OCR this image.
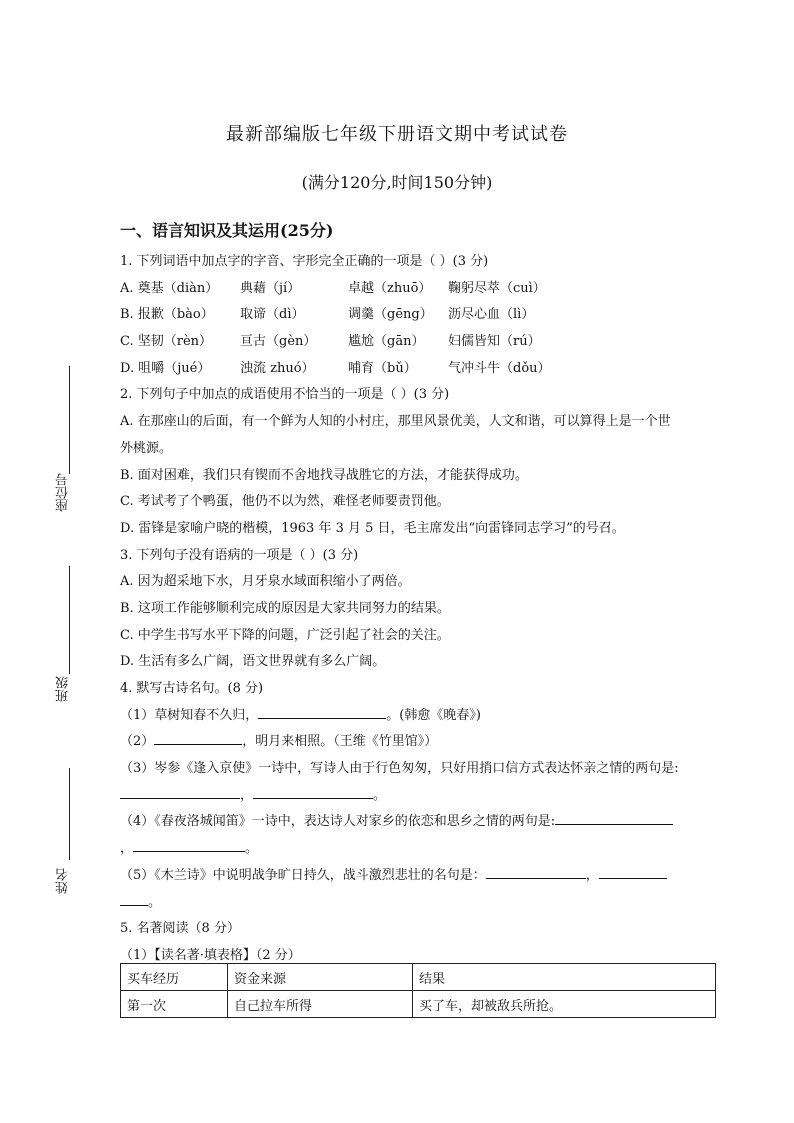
座位号
班级
姓名
最新部编版七年级下册语文期中考试试卷
(满分120分,时间150分钟)
一、语言知识及其运用(25分)
1. 下列词语中加点字的字音、字形完全正确的一项是（ ）(3 分)
A. 奠基（diàn） 典藉（jí）	卓越（zhuō） 鞠躬尽萃（cuì）
B. 报歉（bào） 取谛（dì）	调羹（gēng） 沥尽心血（lì）
C. 坚韧（rèn） 亘古（gèn） 尴尬（gān） 妇儒皆知（rú）
D. 咀嚼（jué） 浊流 zhuó）	哺育（bǔ） 气冲斗牛（dǒu）
2. 下列句子中加点的成语使用不恰当的一项是（ ）(3 分)
A. 在那座山的后面，有一个鲜为人知的小村庄，那里风景优美，人文和谐，可以算得上是一个世
外桃源。
B. 面对困难，我们只有锲而不舍地找寻战胜它的方法，才能获得成功。
C. 考试考了个鸭蛋，他仍不以为然，难怪老师要责罚他。
D. 雷锋是家喻户晓的楷模，1963 年 3 月 5 日，毛主席发出“向雷锋同志学习”的号召。
3. 下列句子没有语病的一项是（ ）(3 分)
A. 因为超采地下水，月牙泉水域面积缩小了两倍。
B. 这项工作能够顺利完成的原因是大家共同努力的结果。
C. 中学生书写水平下降的问题，广泛引起了社会的关注。
D. 生活有多么广阔，语文世界就有多么广阔。
4. 默写古诗名句。(8 分)
（1）草树知春不久归，	。(韩愈《晚春》)
（2）	，明月来相照。（王维《竹里馆》）
（3）岑参《逢入京使》一诗中，写诗人由于行色匆匆，只好用捎口信方式表达怀亲之情的两句是:
，	。
（4）《春夜洛城闻笛》一诗中，表达诗人对家乡的依恋和思乡之情的两句是:
，	。
（5）《木兰诗》中说明战争旷日持久，战斗激烈悲壮的名句是：	，
。
5. 名著阅读（8 分）
（1）【读名著·填表格】（2 分）
买车经历	资金来源	结果
第一次	自己拉车所得	买了车，却被敌兵所抢。
